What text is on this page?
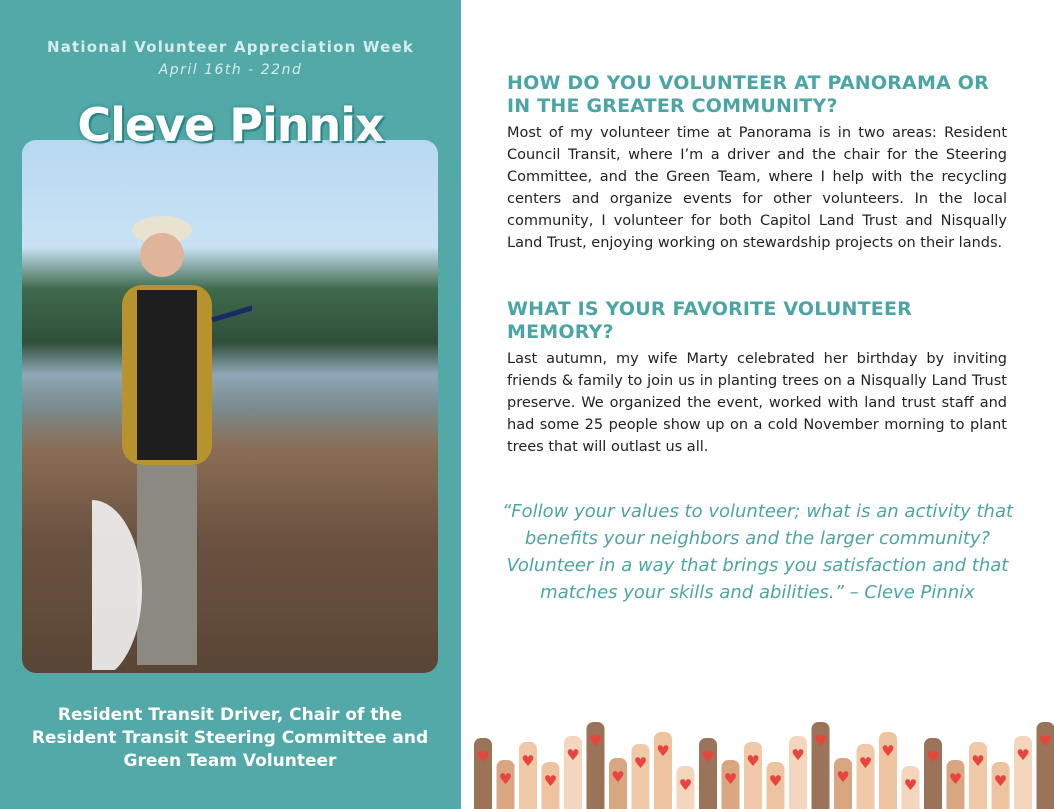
National Volunteer Appreciation Week
April 16th - 22nd
Cleve Pinnix
Resident Transit Driver, Chair of the Resident Transit Steering Committee and Green Team Volunteer
HOW DO YOU VOLUNTEER AT PANORAMA OR IN THE GREATER COMMUNITY?

Most of my volunteer time at Panorama is in two areas: Resident Council Transit, where I’m a driver and the chair for the Steering Committee, and the Green Team, where I help with the recycling centers and organize events for other volunteers. In the local community, I volunteer for both Capitol Land Trust and Nisqually Land Trust, enjoying working on stewardship projects on their lands.

WHAT IS YOUR FAVORITE VOLUNTEER MEMORY?

Last autumn, my wife Marty celebrated her birthday by inviting friends & family to join us in planting trees on a Nisqually Land Trust preserve. We organized the event, worked with land trust staff and had some 25 people show up on a cold November morning to plant trees that will outlast us all.

“Follow your values to volunteer; what is an activity that benefits your neighbors and the larger community? Volunteer in a way that brings you satisfaction and that matches your skills and abilities.” – Cleve Pinnix
♥
♥
♥
♥
♥
♥
♥
♥
♥
♥
♥
♥
♥
♥
♥
♥
♥
♥
♥
♥
♥
♥
♥
♥
♥
♥
